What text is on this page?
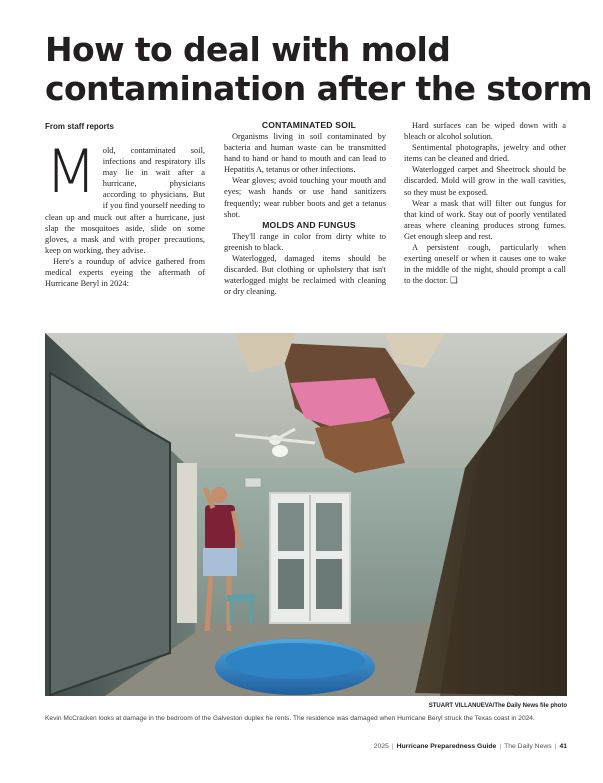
How to deal with mold
contamination after the storm
From staff reports
M old, contaminated soil, infections and respiratory ills may lie in wait after a hurricane, physicians according to physicians. But if you find yourself needing to clean up and muck out after a hurricane, just slap the mosquitoes aside, slide on some gloves, a mask and with proper precautions, keep on working, they advise.

Here's a roundup of advice gathered from medical experts eyeing the aftermath of Hurricane Beryl in 2024:

CONTAMINATED SOIL

Organisms living in soil contaminated by bacteria and human waste can be transmitted hand to hand or hand to mouth and can lead to Hepatitis A, tetanus or other infections.

Wear gloves; avoid touching your mouth and eyes; wash hands or use hand sanitizers frequently; wear rubber boots and get a tetanus shot.

MOLDS AND FUNGUS

They'll range in color from dirty white to greenish to black.

Waterlogged, damaged items should be discarded. But clothing or upholstery that isn't waterlogged might be reclaimed with cleaning or dry cleaning.

Hard surfaces can be wiped down with a bleach or alcohol solution.

Sentimental photographs, jewelry and other items can be cleaned and dried.

Waterlogged carpet and Sheetrock should be discarded. Mold will grow in the wall cavities, so they must be exposed.

Wear a mask that will filter out fungus for that kind of work. Stay out of poorly ventilated areas where cleaning produces strong fumes. Get enough sleep and rest.

A persistent cough, particularly when exerting oneself or when it causes one to wake in the middle of the night, should prompt a call to the doctor. ❏

STUART VILLANUEVA/The Daily News file photo
Kevin McCracken looks at damage in the bedroom of the Galveston duplex he rents. The residence was damaged when Hurricane Beryl struck the Texas coast in 2024.
2025 | Hurricane Preparedness Guide | The Daily News | 41
